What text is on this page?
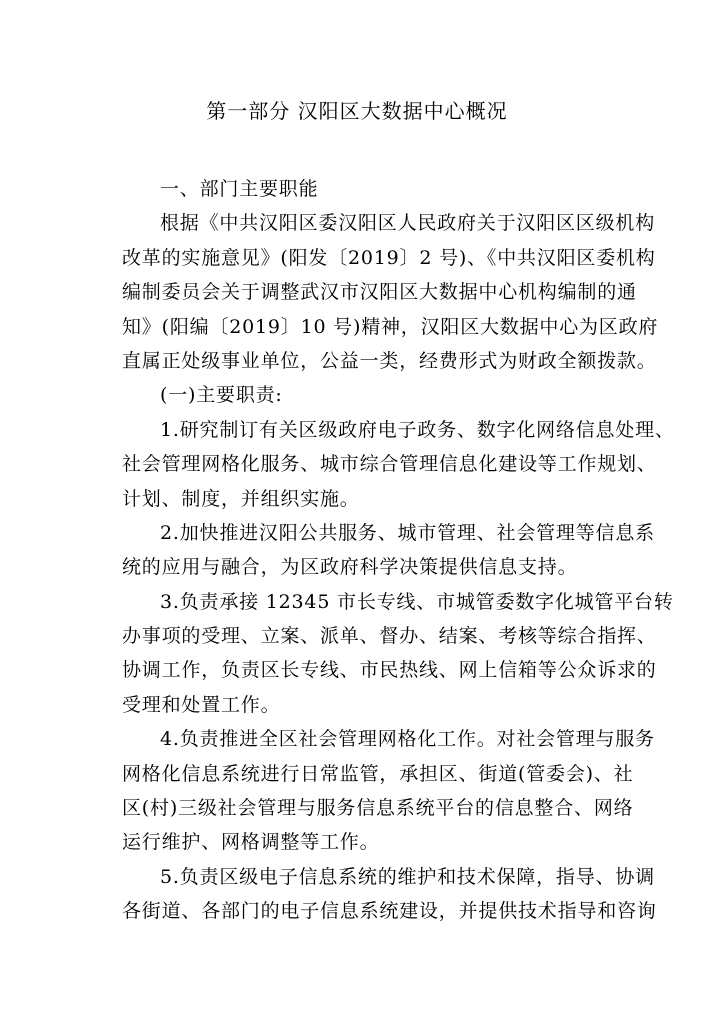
第一部分 汉阳区大数据中心概况
一、部门主要职能
根据《中共汉阳区委汉阳区人民政府关于汉阳区区级机构
改革的实施意见》(阳发〔2019〕2 号)、《中共汉阳区委机构
编制委员会关于调整武汉市汉阳区大数据中心机构编制的通
知》(阳编〔2019〕10 号)精神，汉阳区大数据中心为区政府
直属正处级事业单位，公益一类，经费形式为财政全额拨款。
(一)主要职责:
1.研究制订有关区级政府电子政务、数字化网络信息处理、
社会管理网格化服务、城市综合管理信息化建设等工作规划、
计划、制度，并组织实施。
2.加快推进汉阳公共服务、城市管理、社会管理等信息系
统的应用与融合，为区政府科学决策提供信息支持。
3.负责承接 12345 市长专线、市城管委数字化城管平台转
办事项的受理、立案、派单、督办、结案、考核等综合指挥、
协调工作，负责区长专线、市民热线、网上信箱等公众诉求的
受理和处置工作。
4.负责推进全区社会管理网格化工作。对社会管理与服务
网格化信息系统进行日常监管，承担区、街道(管委会)、社
区(村)三级社会管理与服务信息系统平台的信息整合、网络
运行维护、网格调整等工作。
5.负责区级电子信息系统的维护和技术保障，指导、协调
各街道、各部门的电子信息系统建设，并提供技术指导和咨询
